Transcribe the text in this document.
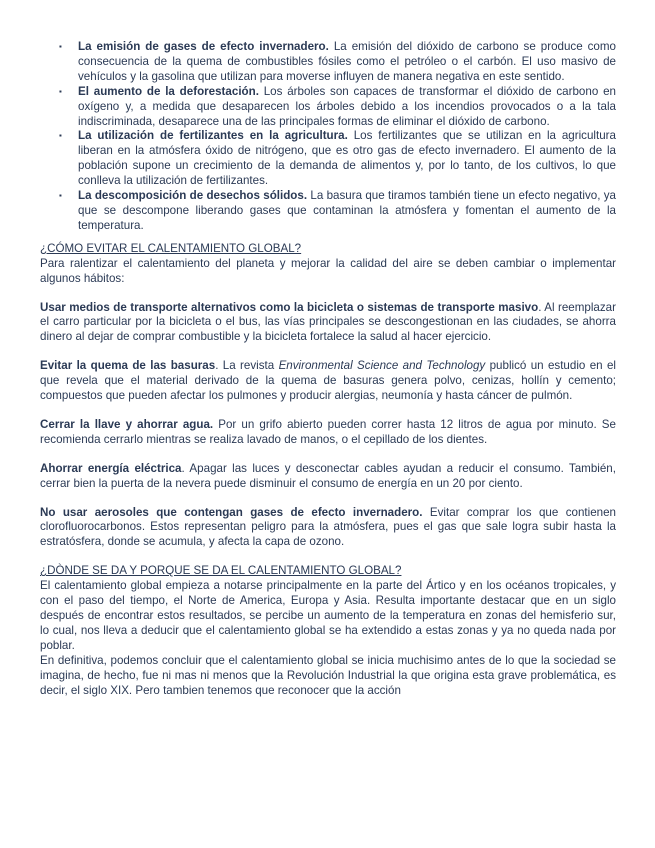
▪ La emisión de gases de efecto invernadero. La emisión del dióxido de carbono se produce como consecuencia de la quema de combustibles fósiles como el petróleo o el carbón. El uso masivo de vehículos y la gasolina que utilizan para moverse influyen de manera negativa en este sentido.
▪ El aumento de la deforestación. Los árboles son capaces de transformar el dióxido de carbono en oxígeno y, a medida que desaparecen los árboles debido a los incendios provocados o a la tala indiscriminada, desaparece una de las principales formas de eliminar el dióxido de carbono.
▪ La utilización de fertilizantes en la agricultura. Los fertilizantes que se utilizan en la agricultura liberan en la atmósfera óxido de nitrógeno, que es otro gas de efecto invernadero. El aumento de la población supone un crecimiento de la demanda de alimentos y, por lo tanto, de los cultivos, lo que conlleva la utilización de fertilizantes.
▪ La descomposición de desechos sólidos. La basura que tiramos también tiene un efecto negativo, ya que se descompone liberando gases que contaminan la atmósfera y fomentan el aumento de la temperatura.

¿CÓMO EVITAR EL CALENTAMIENTO GLOBAL?

Para ralentizar el calentamiento del planeta y mejorar la calidad del aire se deben cambiar o implementar algunos hábitos:

Usar medios de transporte alternativos como la bicicleta o sistemas de transporte masivo. Al reemplazar el carro particular por la bicicleta o el bus, las vías principales se descongestionan en las ciudades, se ahorra dinero al dejar de comprar combustible y la bicicleta fortalece la salud al hacer ejercicio.

Evitar la quema de las basuras. La revista Environmental Science and Technology publicó un estudio en el que revela que el material derivado de la quema de basuras genera polvo, cenizas, hollín y cemento; compuestos que pueden afectar los pulmones y producir alergias, neumonía y hasta cáncer de pulmón.

Cerrar la llave y ahorrar agua. Por un grifo abierto pueden correr hasta 12 litros de agua por minuto. Se recomienda cerrarlo mientras se realiza lavado de manos, o el cepillado de los dientes.

Ahorrar energía eléctrica. Apagar las luces y desconectar cables ayudan a reducir el consumo. También, cerrar bien la puerta de la nevera puede disminuir el consumo de energía en un 20 por ciento.

No usar aerosoles que contengan gases de efecto invernadero. Evitar comprar los que contienen clorofluorocarbonos. Estos representan peligro para la atmósfera, pues el gas que sale logra subir hasta la estratósfera, donde se acumula, y afecta la capa de ozono.

¿DÒNDE SE DA Y PORQUE SE DA EL CALENTAMIENTO GLOBAL?

El calentamiento global empieza a notarse principalmente en la parte del Ártico y en los océanos tropicales, y con el paso del tiempo, el Norte de America, Europa y Asia. Resulta importante destacar que en un siglo después de encontrar estos resultados, se percibe un aumento de la temperatura en zonas del hemisferio sur, lo cual, nos lleva a deducir que el calentamiento global se ha extendido a estas zonas y ya no queda nada por poblar.

En definitiva, podemos concluir que el calentamiento global se inicia muchisimo antes de lo que la sociedad se imagina, de hecho, fue ni mas ni menos que la Revolución Industrial la que origina esta grave problemática, es decir, el siglo XIX. Pero tambien tenemos que reconocer que la acción
